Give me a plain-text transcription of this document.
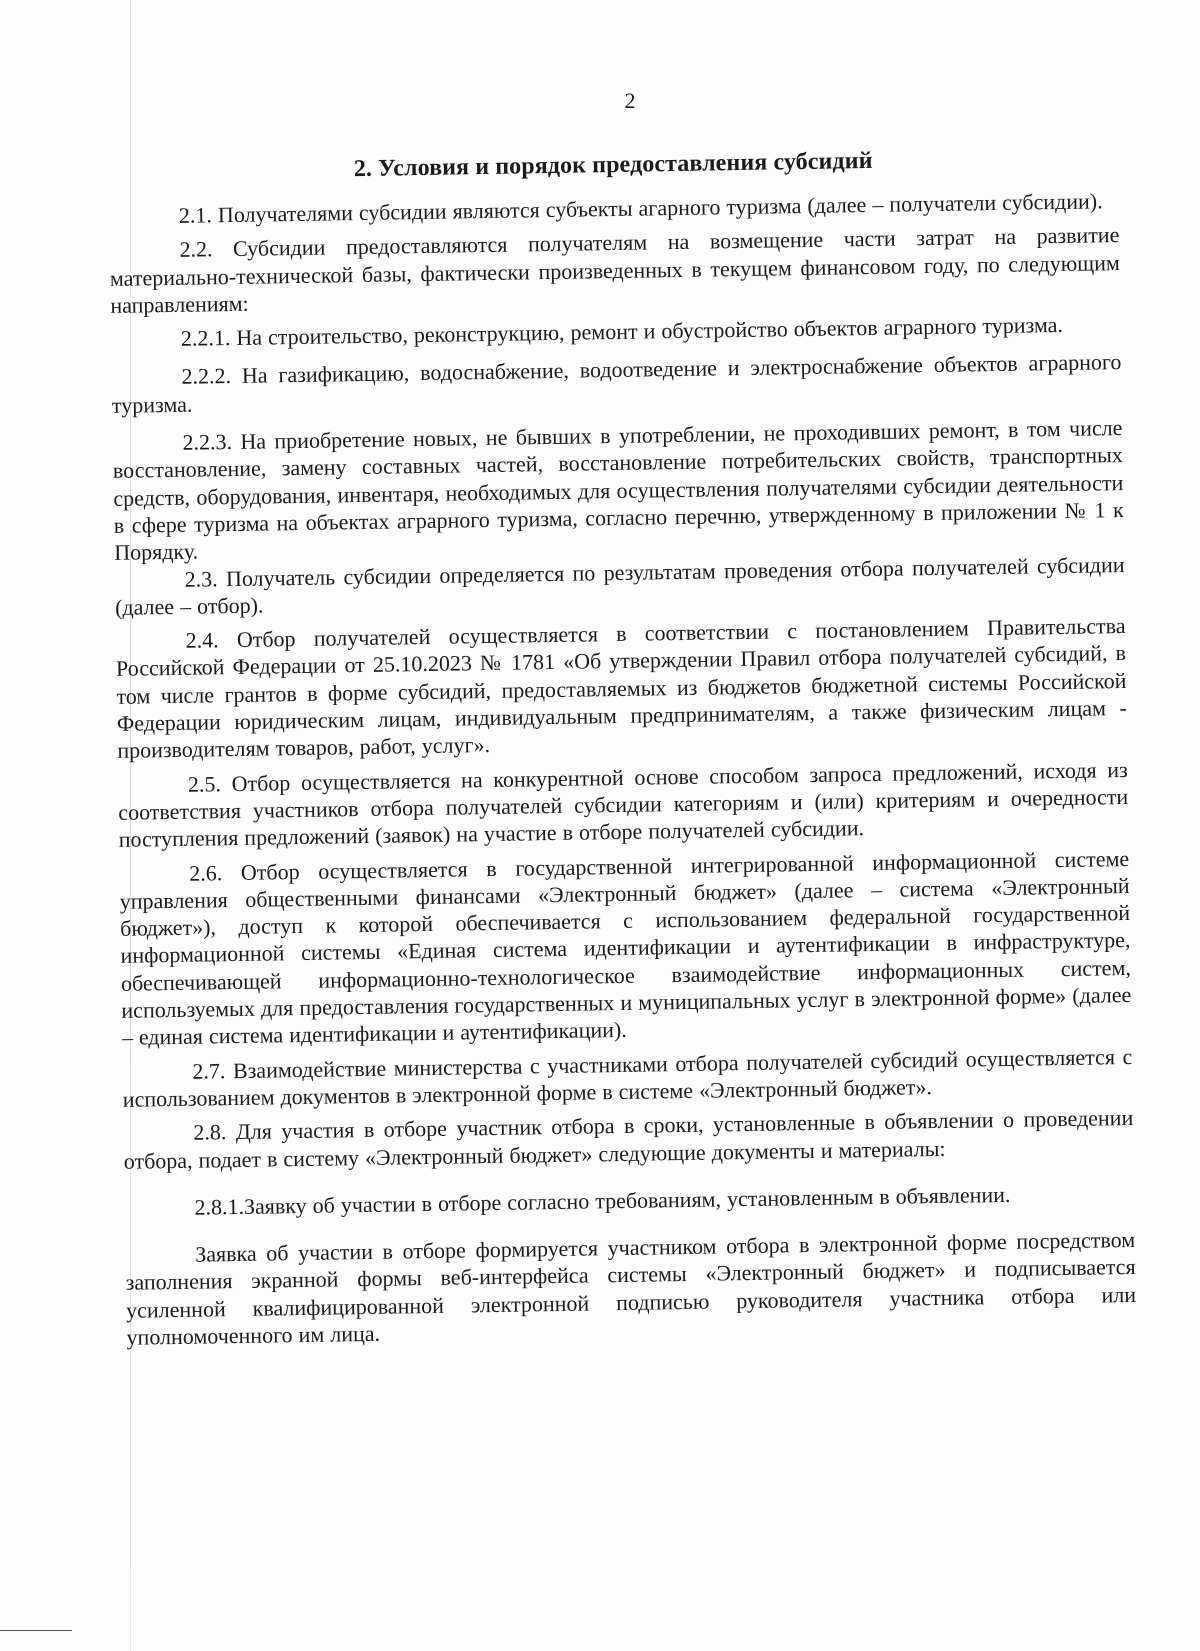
2
2. Условия и порядок предоставления субсидий

2.1. Получателями субсидии являются субъекты агарного туризма (далее – получатели субсидии).

2.2. Субсидии предоставляются получателям на возмещение части затрат на развитие материально-технической базы, фактически произведенных в текущем финансовом году, по следующим направлениям:

2.2.1. На строительство, реконструкцию, ремонт и обустройство объектов аграрного туризма.

2.2.2. На газификацию, водоснабжение, водоотведение и электроснабжение объектов аграрного туризма.

2.2.3. На приобретение новых, не бывших в употреблении, не проходивших ремонт, в том числе восстановление, замену составных частей, восстановление потребительских свойств, транспортных средств, оборудования, инвентаря, необходимых для осуществления получателями субсидии деятельности в сфере туризма на объектах аграрного туризма, согласно перечню, утвержденному в приложении № 1 к Порядку.

2.3. Получатель субсидии определяется по результатам проведения отбора получателей субсидии (далее – отбор).

2.4. Отбор получателей осуществляется в соответствии с постановлением Правительства Российской Федерации от 25.10.2023 № 1781 «Об утверждении Правил отбора получателей субсидий, в том числе грантов в форме субсидий, предоставляемых из бюджетов бюджетной системы Российской Федерации юридическим лицам, индивидуальным предпринимателям, а также физическим лицам - производителям товаров, работ, услуг».

2.5. Отбор осуществляется на конкурентной основе способом запроса предложений, исходя из соответствия участников отбора получателей субсидии категориям и (или) критериям и очередности поступления предложений (заявок) на участие в отборе получателей субсидии.

2.6. Отбор осуществляется в государственной интегрированной информационной системе управления общественными финансами «Электронный бюджет» (далее – система «Электронный бюджет»), доступ к которой обеспечивается с использованием федеральной государственной информационной системы «Единая система идентификации и аутентификации в инфраструктуре, обеспечивающей информационно-технологическое взаимодействие информационных систем, используемых для предоставления государственных и муниципальных услуг в электронной форме» (далее – единая система идентификации и аутентификации).

2.7. Взаимодействие министерства с участниками отбора получателей субсидий осуществляется с использованием документов в электронной форме в системе «Электронный бюджет».

2.8. Для участия в отборе участник отбора в сроки, установленные в объявлении о проведении отбора, подает в систему «Электронный бюджет» следующие документы и материалы:

2.8.1.Заявку об участии в отборе согласно требованиям, установленным в объявлении.

Заявка об участии в отборе формируется участником отбора в электронной форме посредством заполнения экранной формы веб-интерфейса системы «Электронный бюджет» и подписывается усиленной квалифицированной электронной подписью руководителя участника отбора или уполномоченного им лица.
